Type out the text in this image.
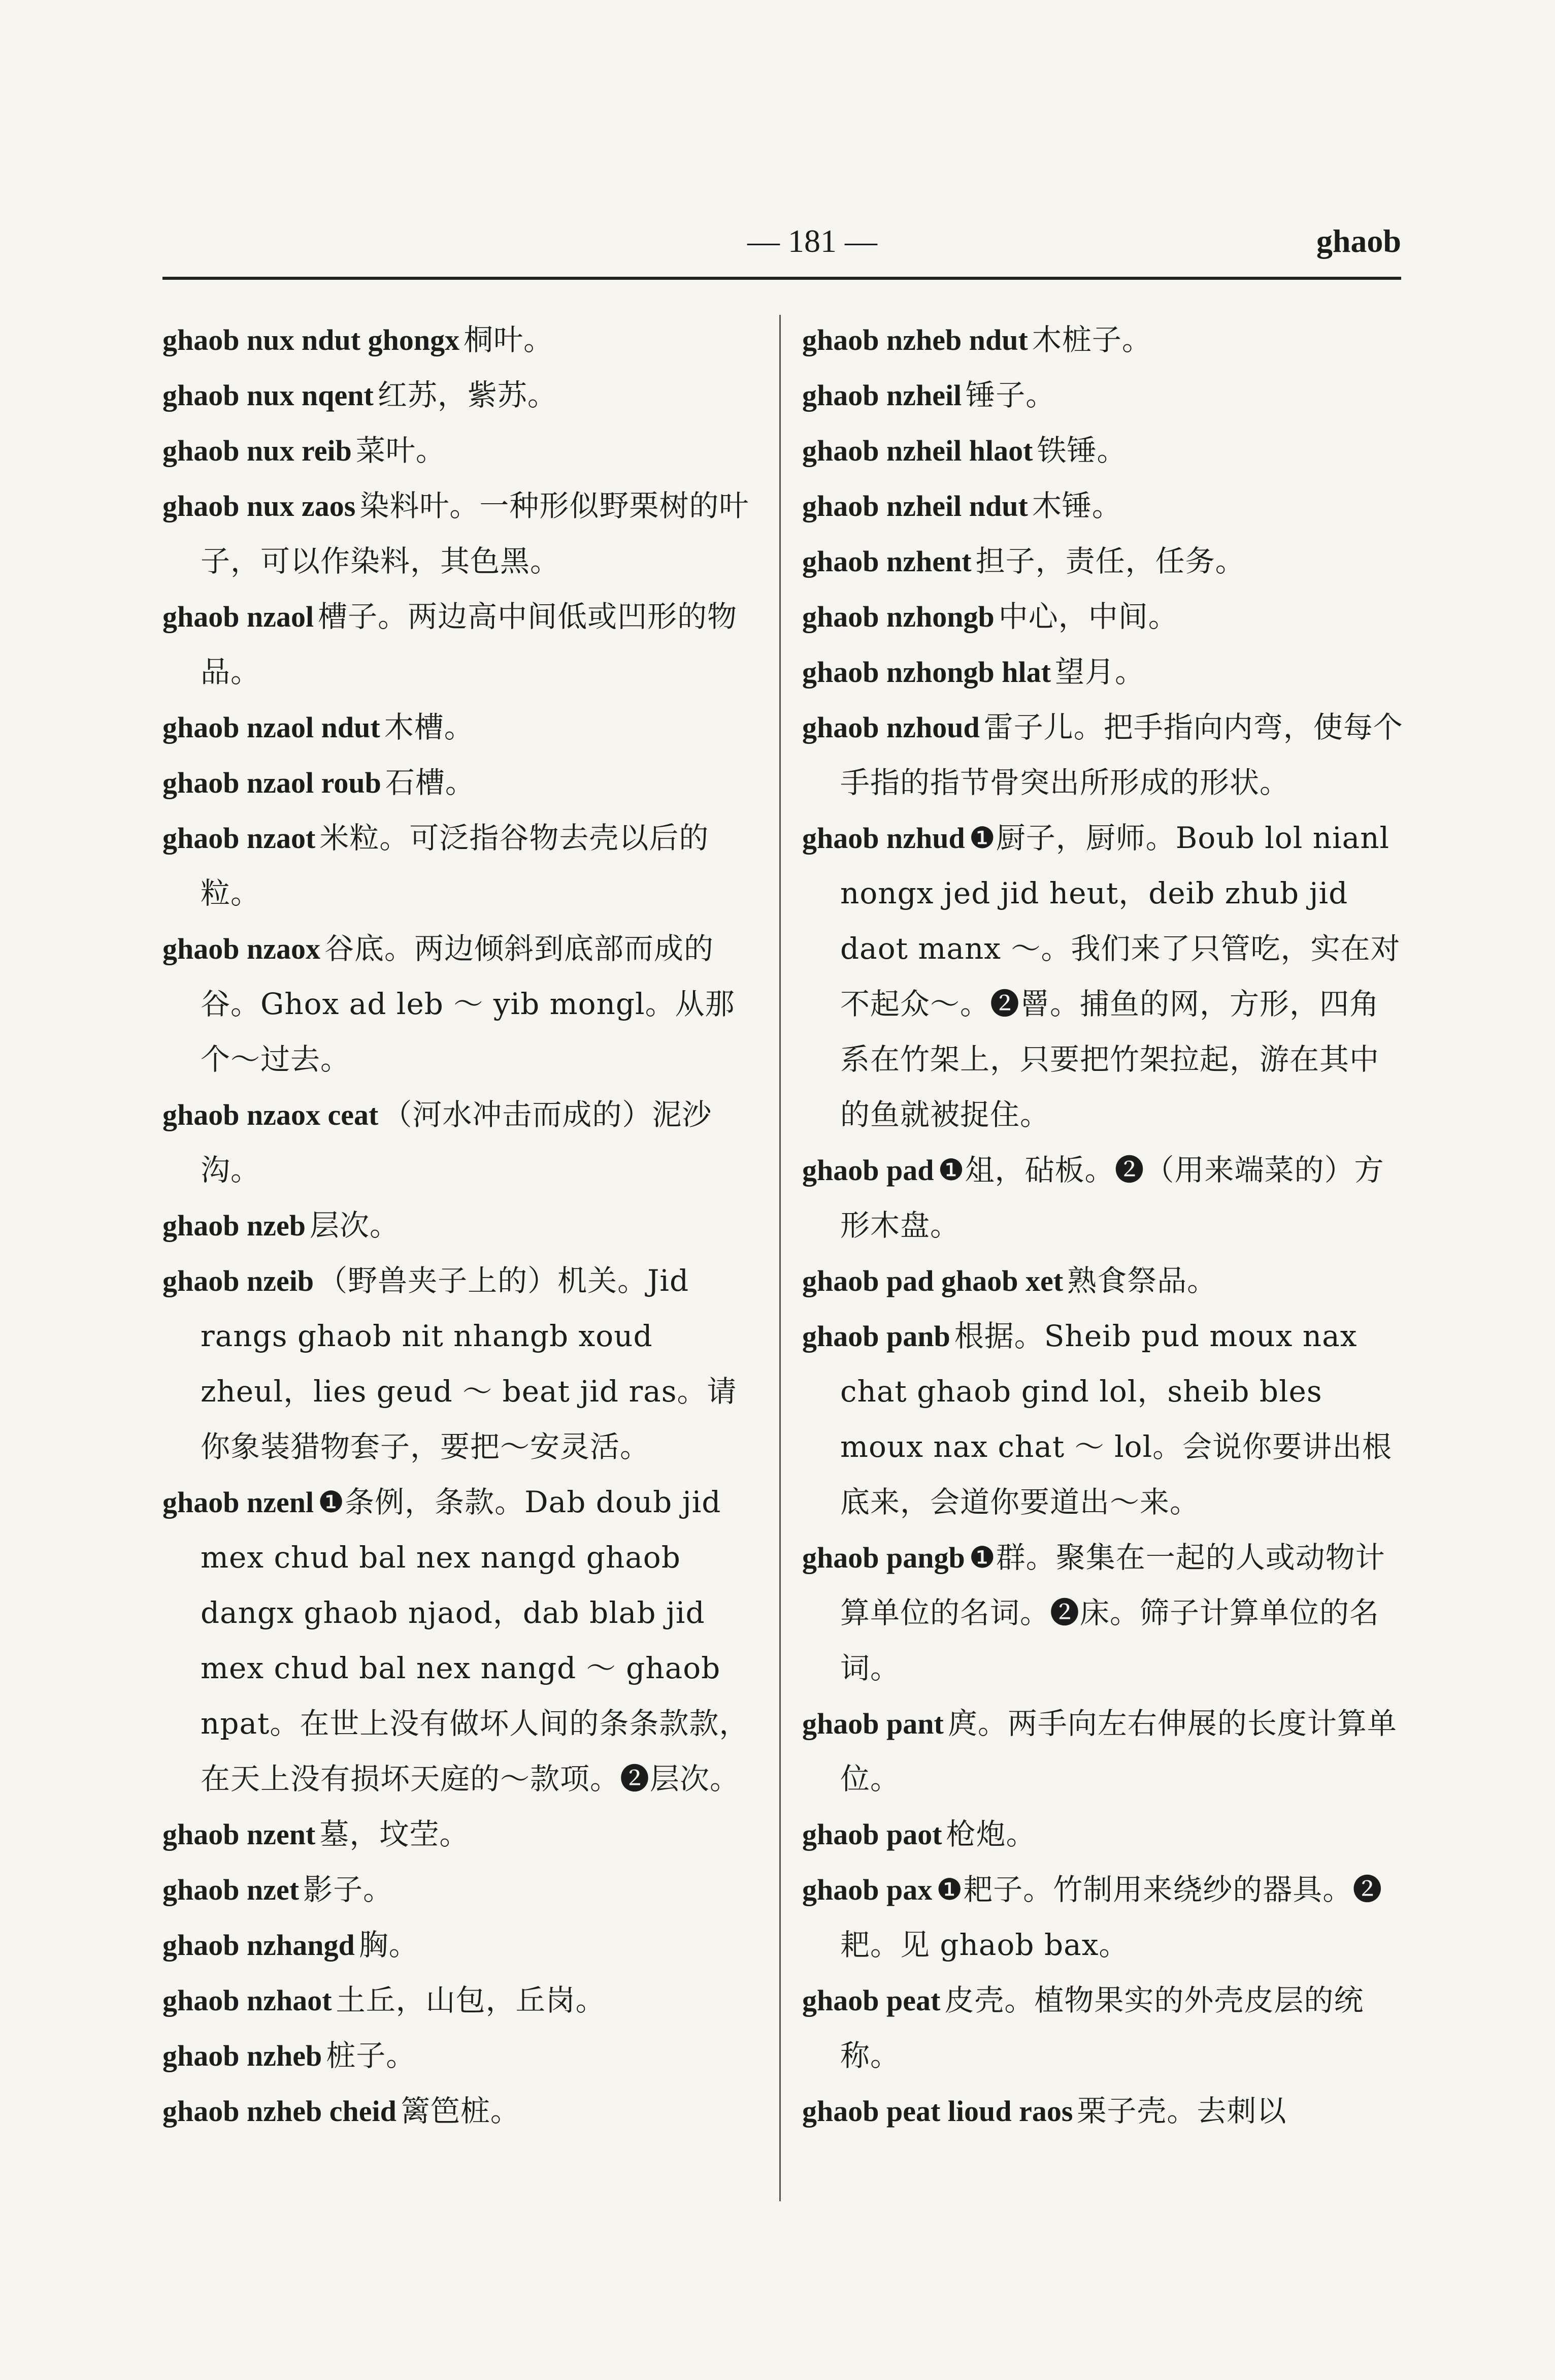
— 181 —	ghaob
ghaob nux ndut ghongx 桐叶。
ghaob nux nqent 红苏，紫苏。
ghaob nux reib 菜叶。
ghaob nux zaos 染料叶。一种形似野栗树的叶子，可以作染料，其色黑。
ghaob nzaol 槽子。两边高中间低或凹形的物品。
ghaob nzaol ndut 木槽。
ghaob nzaol roub 石槽。
ghaob nzaot 米粒。可泛指谷物去壳以后的粒。
ghaob nzaox 谷底。两边倾斜到底部而成的谷。Ghox ad leb ～ yib mongl。从那个～过去。
ghaob nzaox ceat （河水冲击而成的）泥沙沟。
ghaob nzeb 层次。
ghaob nzeib （野兽夹子上的）机关。Jid rangs ghaob nit nhangb xoud zheul，lies geud ～ beat jid ras。请你象装猎物套子，要把～安灵活。
ghaob nzenl ❶条例，条款。Dab doub jid mex chud bal nex nangd ghaob dangx ghaob njaod，dab blab jid mex chud bal nex nangd ～ ghaob npat。在世上没有做坏人间的条条款款，在天上没有损坏天庭的～款项。❷层次。
ghaob nzent 墓，坟茔。
ghaob nzet 影子。
ghaob nzhangd 胸。
ghaob nzhaot 土丘，山包，丘岗。
ghaob nzheb 桩子。
ghaob nzheb cheid 篱笆桩。
ghaob nzheb ndut 木桩子。
ghaob nzheil 锤子。
ghaob nzheil hlaot 铁锤。
ghaob nzheil ndut 木锤。
ghaob nzhent 担子，责任，任务。
ghaob nzhongb 中心，中间。
ghaob nzhongb hlat 望月。
ghaob nzhoud 雷子儿。把手指向内弯，使每个手指的指节骨突出所形成的形状。
ghaob nzhud ❶厨子，厨师。Boub lol nianl nongx jed jid heut，deib zhub jid daot manx ～。我们来了只管吃，实在对不起众～。❷罾。捕鱼的网，方形，四角系在竹架上，只要把竹架拉起，游在其中的鱼就被捉住。
ghaob pad ❶俎，砧板。❷（用来端菜的）方形木盘。
ghaob pad ghaob xet 熟食祭品。
ghaob panb 根据。Sheib pud moux nax chat ghaob gind lol，sheib bles moux nax chat ～ lol。会说你要讲出根底来，会道你要道出～来。
ghaob pangb ❶群。聚集在一起的人或动物计算单位的名词。❷床。筛子计算单位的名词。
ghaob pant 庹。两手向左右伸展的长度计算单位。
ghaob paot 枪炮。
ghaob pax ❶耙子。竹制用来绕纱的器具。❷耙。见 ghaob bax。
ghaob peat 皮壳。植物果实的外壳皮层的统称。
ghaob peat lioud raos 栗子壳。去刺以
